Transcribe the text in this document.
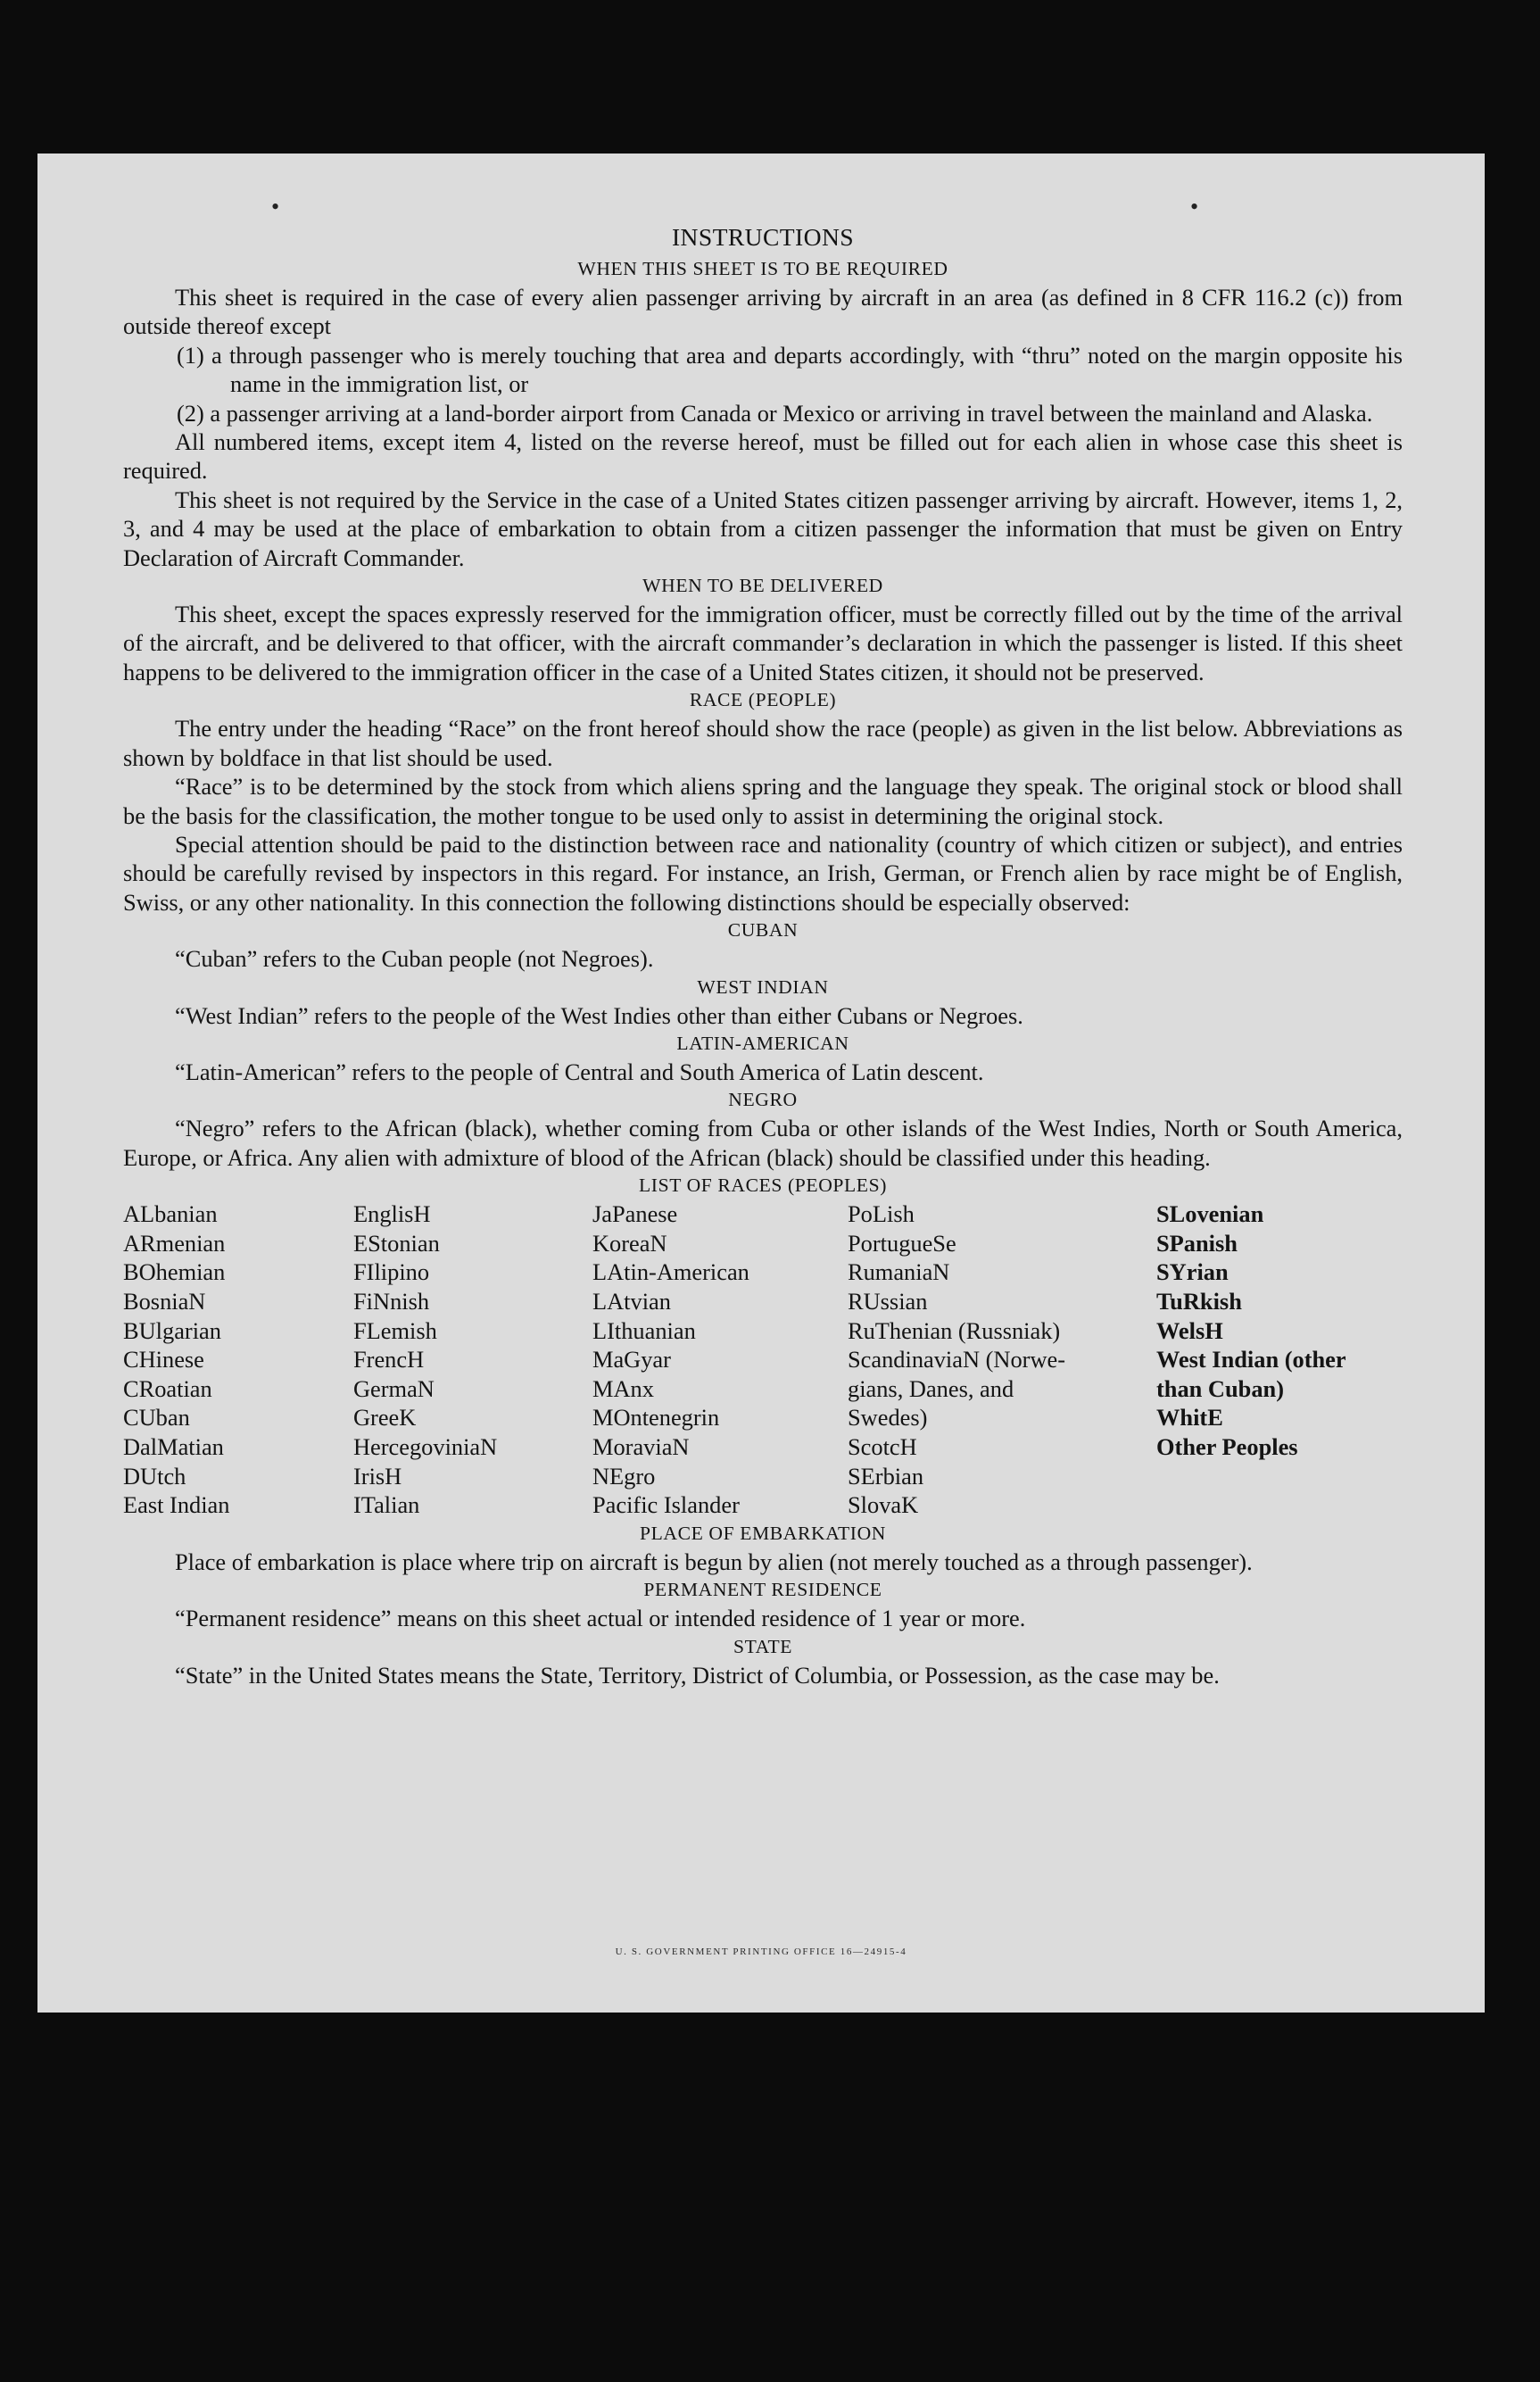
•	•
INSTRUCTIONS
WHEN THIS SHEET IS TO BE REQUIRED

This sheet is required in the case of every alien passenger arriving by aircraft in an area (as defined in 8 CFR 116.2 (c)) from outside thereof except

(1) a through passenger who is merely touching that area and departs accordingly, with “thru” noted on the margin opposite his name in the immigration list, or
(2) a passenger arriving at a land-border airport from Canada or Mexico or arriving in travel between the mainland and Alaska.

All numbered items, except item 4, listed on the reverse hereof, must be filled out for each alien in whose case this sheet is required.

This sheet is not required by the Service in the case of a United States citizen passenger arriving by aircraft. However, items 1, 2, 3, and 4 may be used at the place of embarkation to obtain from a citizen passenger the information that must be given on Entry Declaration of Aircraft Commander.

WHEN TO BE DELIVERED

This sheet, except the spaces expressly reserved for the immigration officer, must be correctly filled out by the time of the arrival of the aircraft, and be delivered to that officer, with the aircraft commander’s declaration in which the passenger is listed. If this sheet happens to be delivered to the immigration officer in the case of a United States citizen, it should not be preserved.

RACE (PEOPLE)

The entry under the heading “Race” on the front hereof should show the race (people) as given in the list below. Abbreviations as shown by boldface in that list should be used.

“Race” is to be determined by the stock from which aliens spring and the language they speak. The original stock or blood shall be the basis for the classification, the mother tongue to be used only to assist in determining the original stock.

Special attention should be paid to the distinction between race and nationality (country of which citizen or subject), and entries should be carefully revised by inspectors in this regard. For instance, an Irish, German, or French alien by race might be of English, Swiss, or any other nationality. In this connection the following distinctions should be especially observed:

CUBAN

“Cuban” refers to the Cuban people (not Negroes).

WEST INDIAN

“West Indian” refers to the people of the West Indies other than either Cubans or Negroes.

LATIN-AMERICAN

“Latin-American” refers to the people of Central and South America of Latin descent.

NEGRO

“Negro” refers to the African (black), whether coming from Cuba or other islands of the West Indies, North or South America, Europe, or Africa. Any alien with admixture of blood of the African (black) should be classified under this heading.

LIST OF RACES (PEOPLES)
ALbanian
ARmenian
BOhemian
BosniaN
BUlgarian
CHinese
CRoatian
CUban
DalMatian
DUtch
East Indian
EnglisH
EStonian
FIlipino
FiNnish
FLemish
FrencH
GermaN
GreeK
HercegoviniaN
IrisH
ITalian
JaPanese
KoreaN
LAtin-American
LAtvian
LIthuanian
MaGyar
MAnx
MOntenegrin
MoraviaN
NEgro
Pacific Islander
PoLish
PortugueSe
RumaniaN
RUssian
RuThenian (Russniak)
ScandinaviaN (Norwe-
gians, Danes, and
Swedes)
ScotcH
SErbian
SlovaK
SLovenian
SPanish
SYrian
TuRkish
WelsH
West Indian (other
than Cuban)
WhitE
Other Peoples
PLACE OF EMBARKATION

Place of embarkation is place where trip on aircraft is begun by alien (not merely touched as a through passenger).

PERMANENT RESIDENCE

“Permanent residence” means on this sheet actual or intended residence of 1 year or more.

STATE

“State” in the United States means the State, Territory, District of Columbia, or Possession, as the case may be.

U. S. GOVERNMENT PRINTING OFFICE 16—24915-4
